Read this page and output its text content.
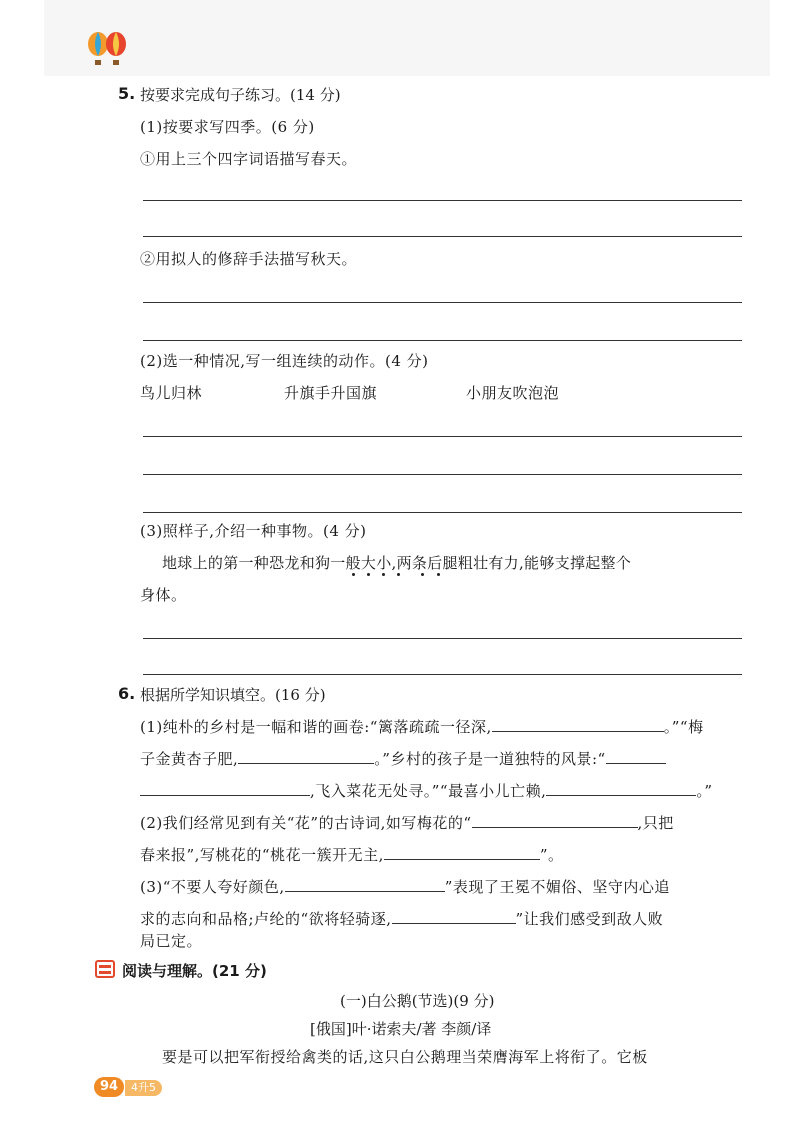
5. 按要求完成句子练习。(14 分)
(1)按要求写四季。(6 分)
①用上三个四字词语描写春天。
②用拟人的修辞手法描写秋天。
(2)选一种情况,写一组连续的动作。(4 分)
鸟儿归林	升旗手升国旗	小朋友吹泡泡
(3)照样子,介绍一种事物。(4 分)
地球上的第一种恐龙和狗一般大小,两条后腿粗壮有力,能够支撑起整个
身体。
6. 根据所学知识填空。(16 分)
(1)纯朴的乡村是一幅和谐的画卷:“篱落疏疏一径深,	。”“梅
子金黄杏子肥,	。”乡村的孩子是一道独特的风景:“
,飞入菜花无处寻。”“最喜小儿亡赖,	。”
(2)我们经常见到有关“花”的古诗词,如写梅花的“	,只把
春来报”,写桃花的“桃花一簇开无主,	”。
(3)“不要人夸好颜色,	”表现了王冕不媚俗、坚守内心追
求的志向和品格;卢纶的“欲将轻骑逐,	”让我们感受到敌人败
局已定。
阅读与理解。(21 分)
(一)白公鹅(节选)(9 分)
[俄国]叶·诺索夫/著 李颜/译
要是可以把军衔授给禽类的话,这只白公鹅理当荣膺海军上将衔了。它板
94	4升5
